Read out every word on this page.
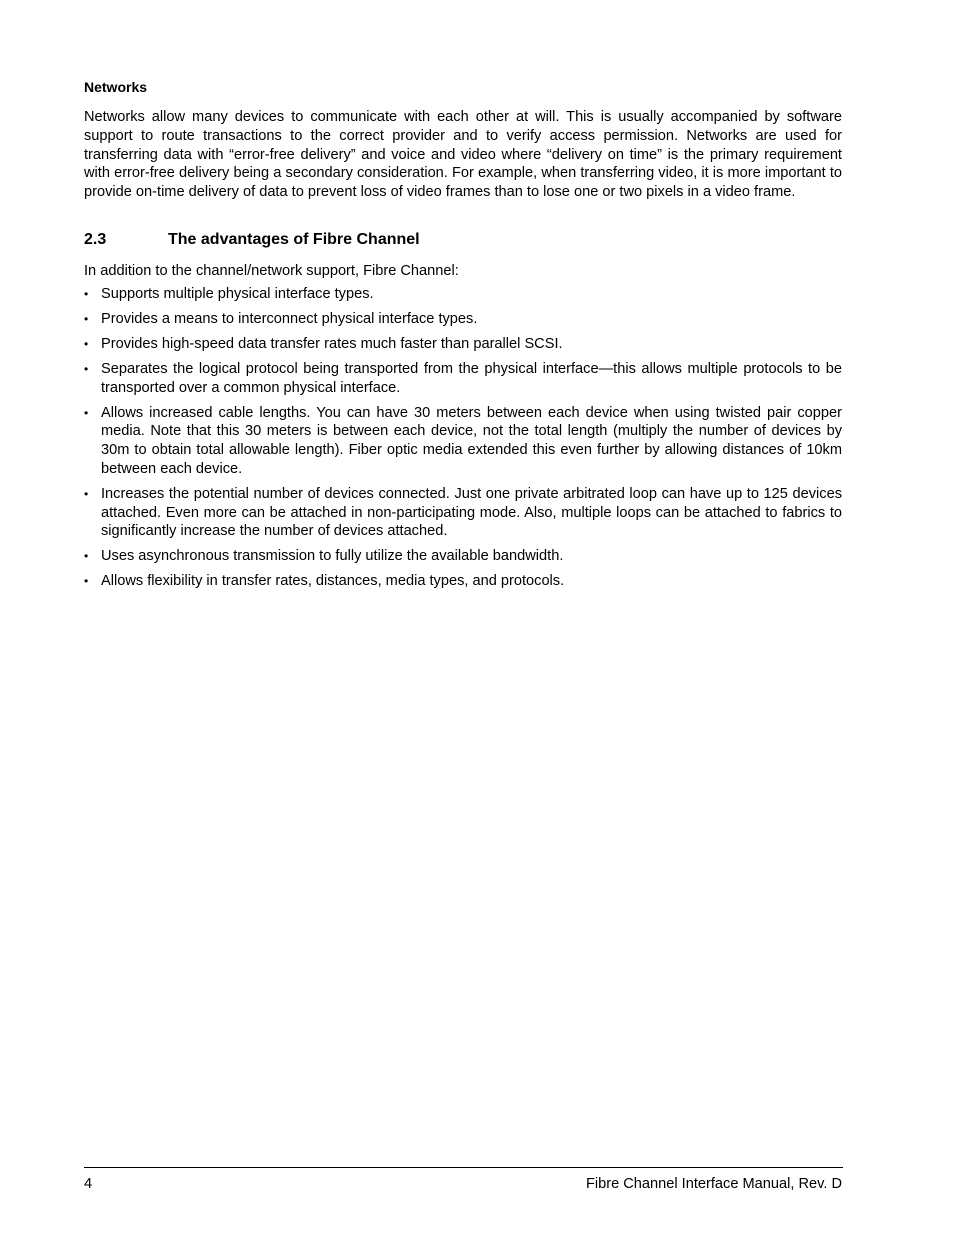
Networks

Networks allow many devices to communicate with each other at will. This is usually accompanied by software support to route transactions to the correct provider and to verify access permission. Networks are used for transferring data with “error-free delivery” and voice and video where “delivery on time” is the primary requirement with error-free delivery being a secondary consideration. For example, when transferring video, it is more important to provide on-time delivery of data to prevent loss of video frames than to lose one or two pixels in a video frame.

2.3	The advantages of Fibre Channel

In addition to the channel/network support, Fibre Channel:

• Supports multiple physical interface types.
• Provides a means to interconnect physical interface types.
• Provides high-speed data transfer rates much faster than parallel SCSI.
• Separates the logical protocol being transported from the physical interface—this allows multiple protocols to be transported over a common physical interface.
• Allows increased cable lengths. You can have 30 meters between each device when using twisted pair copper media. Note that this 30 meters is between each device, not the total length (multiply the number of devices by 30m to obtain total allowable length). Fiber optic media extended this even further by allowing distances of 10km between each device.
• Increases the potential number of devices connected. Just one private arbitrated loop can have up to 125 devices attached. Even more can be attached in non-participating mode. Also, multiple loops can be attached to fabrics to significantly increase the number of devices attached.
• Uses asynchronous transmission to fully utilize the available bandwidth.
• Allows flexibility in transfer rates, distances, media types, and protocols.
4	Fibre Channel Interface Manual, Rev. D
